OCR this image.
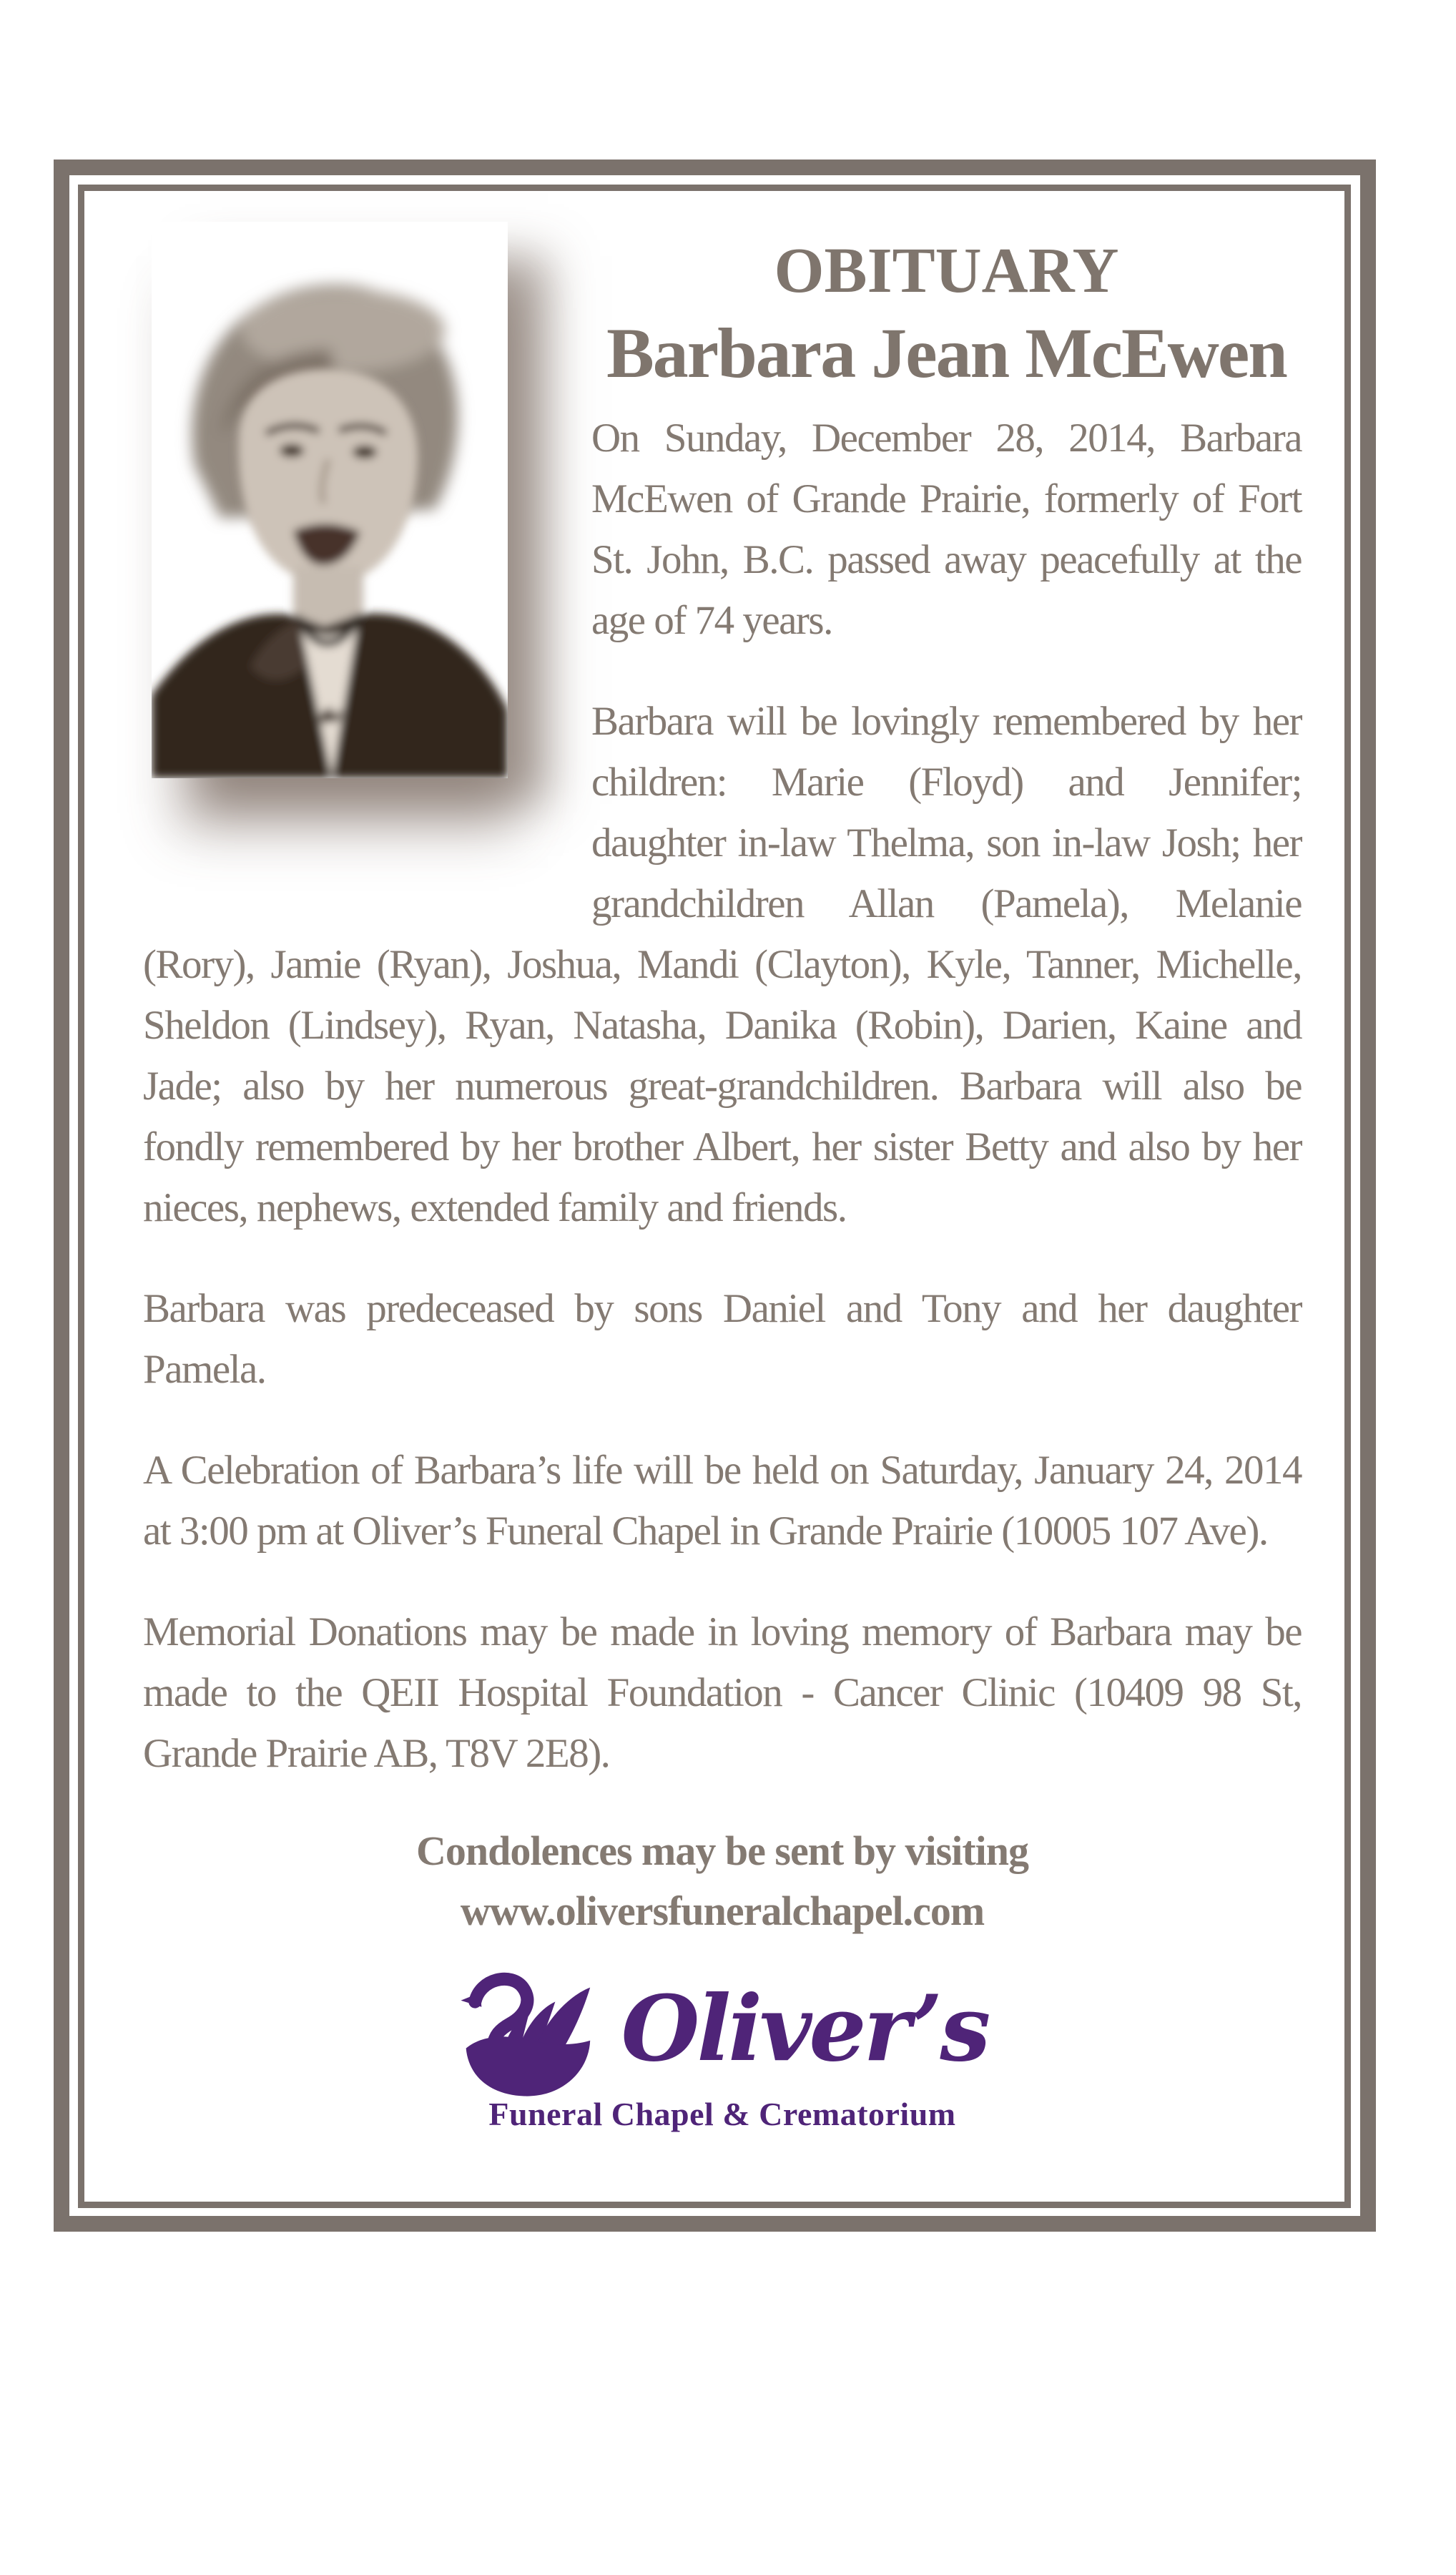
OBITUARY
Barbara Jean McEwen

On Sunday, December 28, 2014, Barbara McEwen of Grande Prairie, formerly of Fort St. John, B.C. passed away peacefully at the age of 74 years.

Barbara will be lovingly remembered by her children: Marie (Floyd) and Jennifer; daughter in-law Thelma, son in-law Josh; her grandchildren Allan (Pamela), Melanie (Rory), Jamie (Ryan), Joshua, Mandi (Clayton), Kyle, Tanner, Michelle, Sheldon (Lindsey), Ryan, Natasha, Danika (Robin), Darien, Kaine and Jade; also by her numerous great-grandchildren. Barbara will also be fondly remembered by her brother Albert, her sister Betty and also by her nieces, nephews, extended family and friends.

Barbara was predeceased by sons Daniel and Tony and her daughter Pamela.

A Celebration of Barbara’s life will be held on Saturday, January 24, 2014 at 3:00 pm at Oliver’s Funeral Chapel in Grande Prairie (10005 107 Ave).

Memorial Donations may be made in loving memory of Barbara may be made to the QEII Hospital Foundation - Cancer Clinic (10409 98 St, Grande Prairie AB, T8V 2E8).

Condolences may be sent by visiting
www.oliversfuneralchapel.com
Oliver’s
Funeral Chapel & Crematorium
